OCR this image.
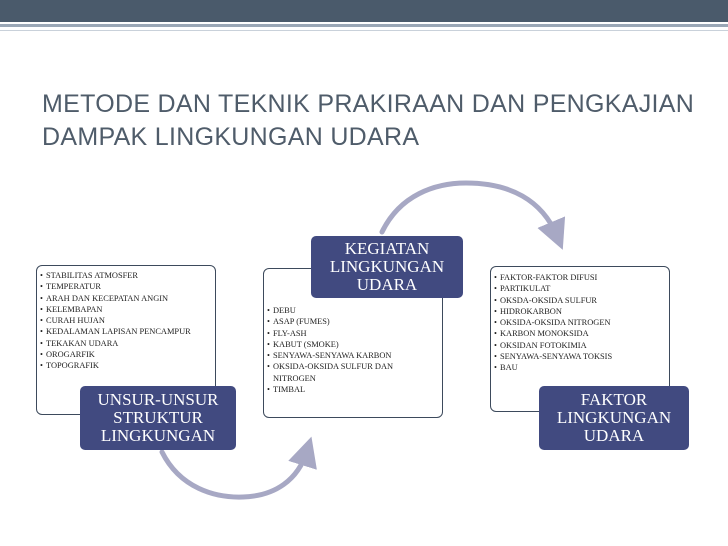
METODE DAN TEKNIK PRAKIRAAN DAN PENGKAJIAN
DAMPAK LINGKUNGAN UDARA
• STABILITAS ATMOSFER
• TEMPERATUR
• ARAH DAN KECEPATAN ANGIN
• KELEMBAPAN
• CURAH HUJAN
• KEDALAMAN LAPISAN PENCAMPUR
• TEKAKAN UDARA
• OROGARFIK
• TOPOGRAFIK
UNSUR-UNSUR
STRUKTUR
LINGKUNGAN
• DEBU
• ASAP (FUMES)
• FLY-ASH
• KABUT (SMOKE)
• SENYAWA-SENYAWA KARBON
• OKSIDA-OKSIDA SULFUR DAN NITROGEN
• TIMBAL
KEGIATAN
LINGKUNGAN
UDARA
•	FAKTOR-FAKTOR DIFUSI
• PARTIKULAT
• OKSDA-OKSIDA SULFUR
• HIDROKARBON
• OKSIDA-OKSIDA NITROGEN
• KARBON MONOKSIDA
• OKSIDAN FOTOKIMIA
• SENYAWA-SENYAWA TOKSIS
• BAU
FAKTOR
LINGKUNGAN
UDARA
